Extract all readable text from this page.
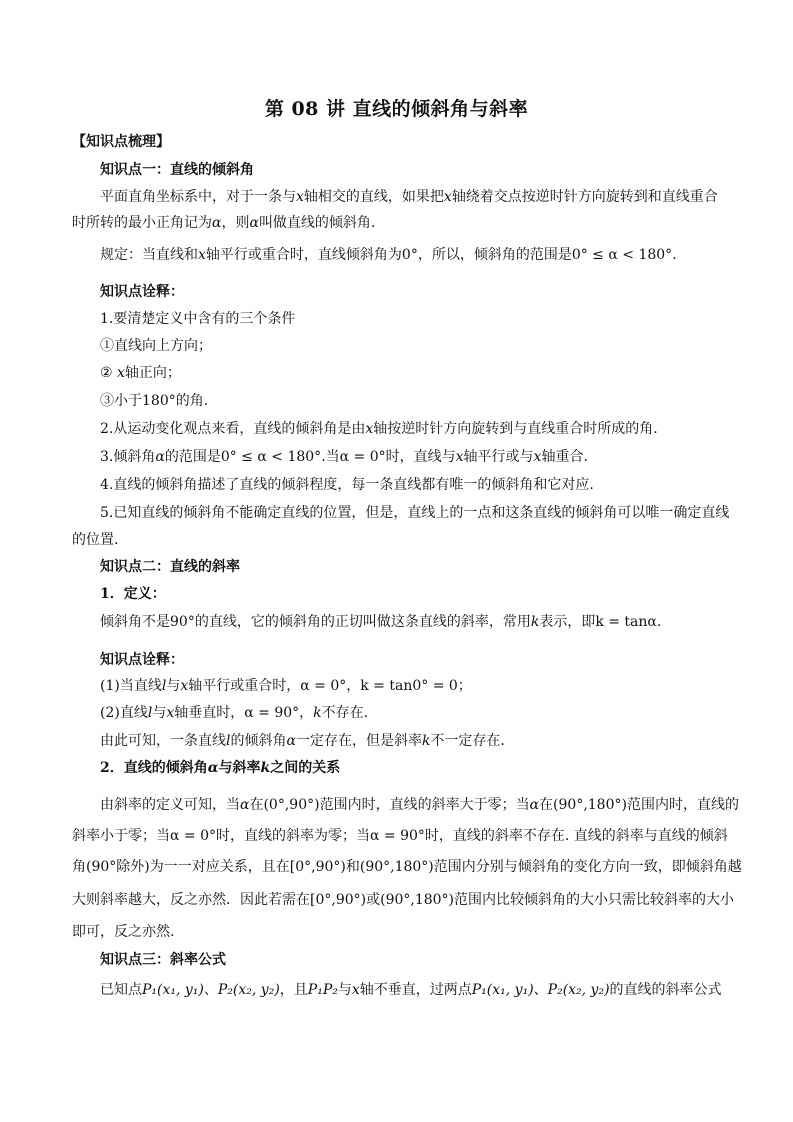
第 08 讲 直线的倾斜角与斜率
【知识点梳理】
知识点一：直线的倾斜角
平面直角坐标系中，对于一条与x轴相交的直线，如果把x轴绕着交点按逆时针方向旋转到和直线重合
时所转的最小正角记为α，则α叫做直线的倾斜角.
规定：当直线和x轴平行或重合时，直线倾斜角为0°，所以，倾斜角的范围是0° ≤ α < 180°.
知识点诠释：
1.要清楚定义中含有的三个条件
①直线向上方向；
② x轴正向；
③小于180°的角.
2.从运动变化观点来看，直线的倾斜角是由x轴按逆时针方向旋转到与直线重合时所成的角.
3.倾斜角α的范围是0° ≤ α < 180°.当α = 0°时，直线与x轴平行或与x轴重合.
4.直线的倾斜角描述了直线的倾斜程度，每一条直线都有唯一的倾斜角和它对应.
5.已知直线的倾斜角不能确定直线的位置，但是，直线上的一点和这条直线的倾斜角可以唯一确定直线
的位置.
知识点二：直线的斜率
1．定义：
倾斜角不是90°的直线，它的倾斜角的正切叫做这条直线的斜率，常用k表示，即k = tanα.
知识点诠释：
(1)当直线l与x轴平行或重合时，α = 0°，k = tan0° = 0；
(2)直线l与x轴垂直时，α = 90°，k不存在.
由此可知，一条直线l的倾斜角α一定存在，但是斜率k不一定存在.
2．直线的倾斜角α与斜率k之间的关系
由斜率的定义可知，当α在(0°,90°)范围内时，直线的斜率大于零；当α在(90°,180°)范围内时，直线的
斜率小于零；当α = 0°时，直线的斜率为零；当α = 90°时，直线的斜率不存在. 直线的斜率与直线的倾斜
角(90°除外)为一一对应关系，且在[0°,90°)和(90°,180°)范围内分别与倾斜角的变化方向一致，即倾斜角越
大则斜率越大，反之亦然．因此若需在[0°,90°)或(90°,180°)范围内比较倾斜角的大小只需比较斜率的大小
即可，反之亦然.
知识点三：斜率公式
已知点P₁(x₁, y₁)、P₂(x₂, y₂)，且P₁P₂与x轴不垂直，过两点P₁(x₁, y₁)、P₂(x₂, y₂)的直线的斜率公式
